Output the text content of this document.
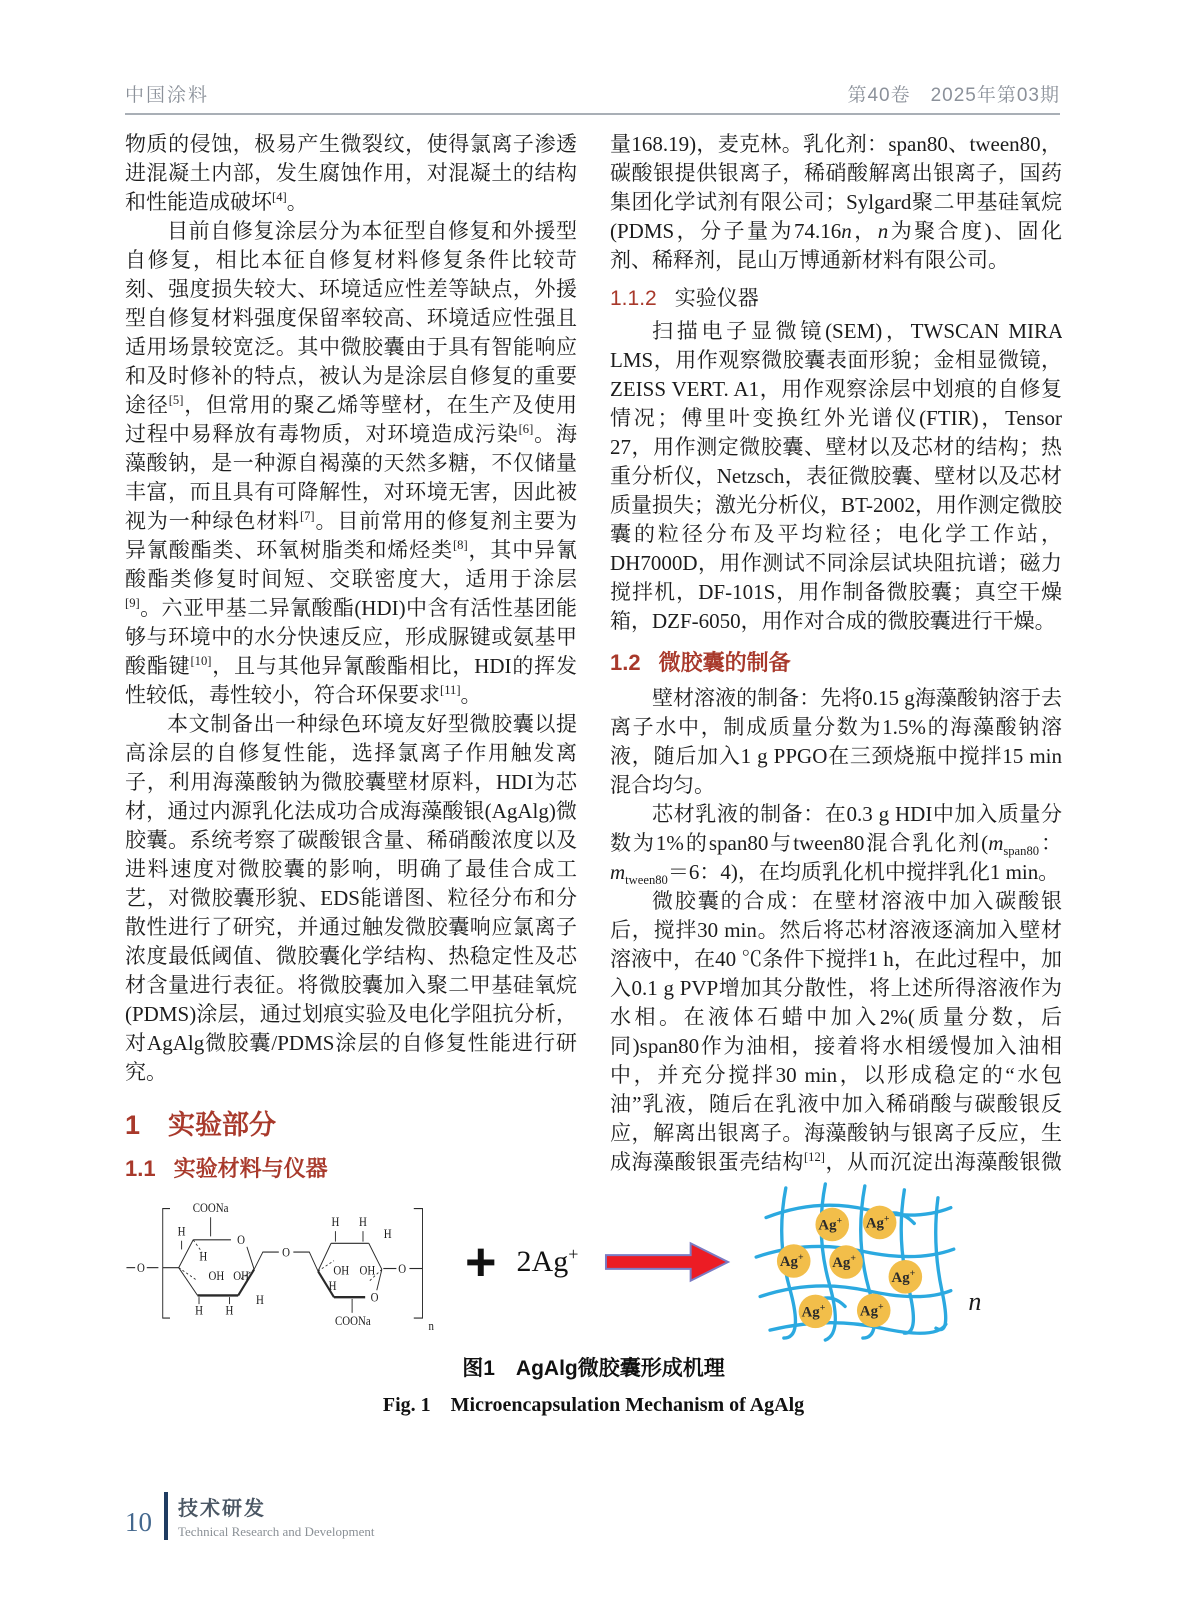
中国涂料	第40卷　2025年第03期

物质的侵蚀，极易产生微裂纹，使得氯离子渗透进混凝土内部，发生腐蚀作用，对混凝土的结构和性能造成破坏[4]。

目前自修复涂层分为本征型自修复和外援型自修复，相比本征自修复材料修复条件比较苛刻、强度损失较大、环境适应性差等缺点，外援型自修复材料强度保留率较高、环境适应性强且适用场景较宽泛。其中微胶囊由于具有智能响应和及时修补的特点，被认为是涂层自修复的重要途径[5]，但常用的聚乙烯等壁材，在生产及使用过程中易释放有毒物质，对环境造成污染[6]。海藻酸钠，是一种源自褐藻的天然多糖，不仅储量丰富，而且具有可降解性，对环境无害，因此被视为一种绿色材料[7]。目前常用的修复剂主要为异氰酸酯类、环氧树脂类和烯烃类[8]，其中异氰酸酯类修复时间短、交联密度大，适用于涂层[9]。六亚甲基二异氰酸酯(HDI)中含有活性基团能够与环境中的水分快速反应，形成脲键或氨基甲酸酯键[10]，且与其他异氰酸酯相比，HDI的挥发性较低，毒性较小，符合环保要求[11]。

本文制备出一种绿色环境友好型微胶囊以提高涂层的自修复性能，选择氯离子作用触发离子，利用海藻酸钠为微胶囊壁材原料，HDI为芯材，通过内源乳化法成功合成海藻酸银(AgAlg)微胶囊。系统考察了碳酸银含量、稀硝酸浓度以及进料速度对微胶囊的影响，明确了最佳合成工艺，对微胶囊形貌、EDS能谱图、粒径分布和分散性进行了研究，并通过触发微胶囊响应氯离子浓度最低阈值、微胶囊化学结构、热稳定性及芯材含量进行表征。将微胶囊加入聚二甲基硅氧烷(PDMS)涂层，通过划痕实验及电化学阻抗分析，对AgAlg微胶囊/PDMS涂层的自修复性能进行研究。

1 实验部分
1.1 实验材料与仪器

量168.19)，麦克林。乳化剂：span80、tween80，碳酸银提供银离子，稀硝酸解离出银离子，国药集团化学试剂有限公司；Sylgard聚二甲基硅氧烷(PDMS，分子量为74.16n，n为聚合度)、固化剂、稀释剂，昆山万博通新材料有限公司。

1.1.2 实验仪器

扫描电子显微镜(SEM)，TWSCAN MIRA　LMS，用作观察微胶囊表面形貌；金相显微镜，ZEISS VERT. A1，用作观察涂层中划痕的自修复情况；傅里叶变换红外光谱仪(FTIR)，Tensor 27，用作测定微胶囊、壁材以及芯材的结构；热重分析仪，Netzsch，表征微胶囊、壁材以及芯材质量损失；激光分析仪，BT-2002，用作测定微胶囊的粒径分布及平均粒径；电化学工作站，DH7000D，用作测试不同涂层试块阻抗谱；磁力搅拌机，DF-101S，用作制备微胶囊；真空干燥箱，DZF-6050，用作对合成的微胶囊进行干燥。

1.2 微胶囊的制备

壁材溶液的制备：先将0.15 g海藻酸钠溶于去离子水中，制成质量分数为1.5%的海藻酸钠溶液，随后加入1 g PPGO在三颈烧瓶中搅拌15 min混合均匀。

芯材乳液的制备：在0.3 g HDI中加入质量分数为1%的span80与tween80混合乳化剂($m_{span80}$：$m_{tween80}=6$：4)，在均质乳化机中搅拌乳化1 min。

微胶囊的合成：在壁材溶液中加入碳酸银后，搅拌30 min。然后将芯材溶液逐滴加入壁材溶液中，在40 ℃条件下搅拌1 h，在此过程中，加入0.1 g PVP增加其分散性，将上述所得溶液作为水相。在液体石蜡中加入2%(质量分数，后同)span80作为油相，接着将水相缓慢加入油相中，并充分搅拌30 min，以形成稳定的“水包油”乳液，随后在乳液中加入稀硝酸与碳酸银反应，解离出银离子。海藻酸钠与银离子反应，生成海藻酸银蛋壳结构[12]，从而沉淀出海藻酸银微

O
COONa
H
H
OH OH
H H
H
O
O
H H
H
OH OH
H
O
COONa
O
n
+ 2Ag+
Ag+ Ag+
Ag+ Ag+
Ag+
Ag+ Ag+	n
图1　AgAlg微胶囊形成机理
Fig. 1　Microencapsulation Mechanism of AgAlg
10 技术研发
Technical Research and Development
